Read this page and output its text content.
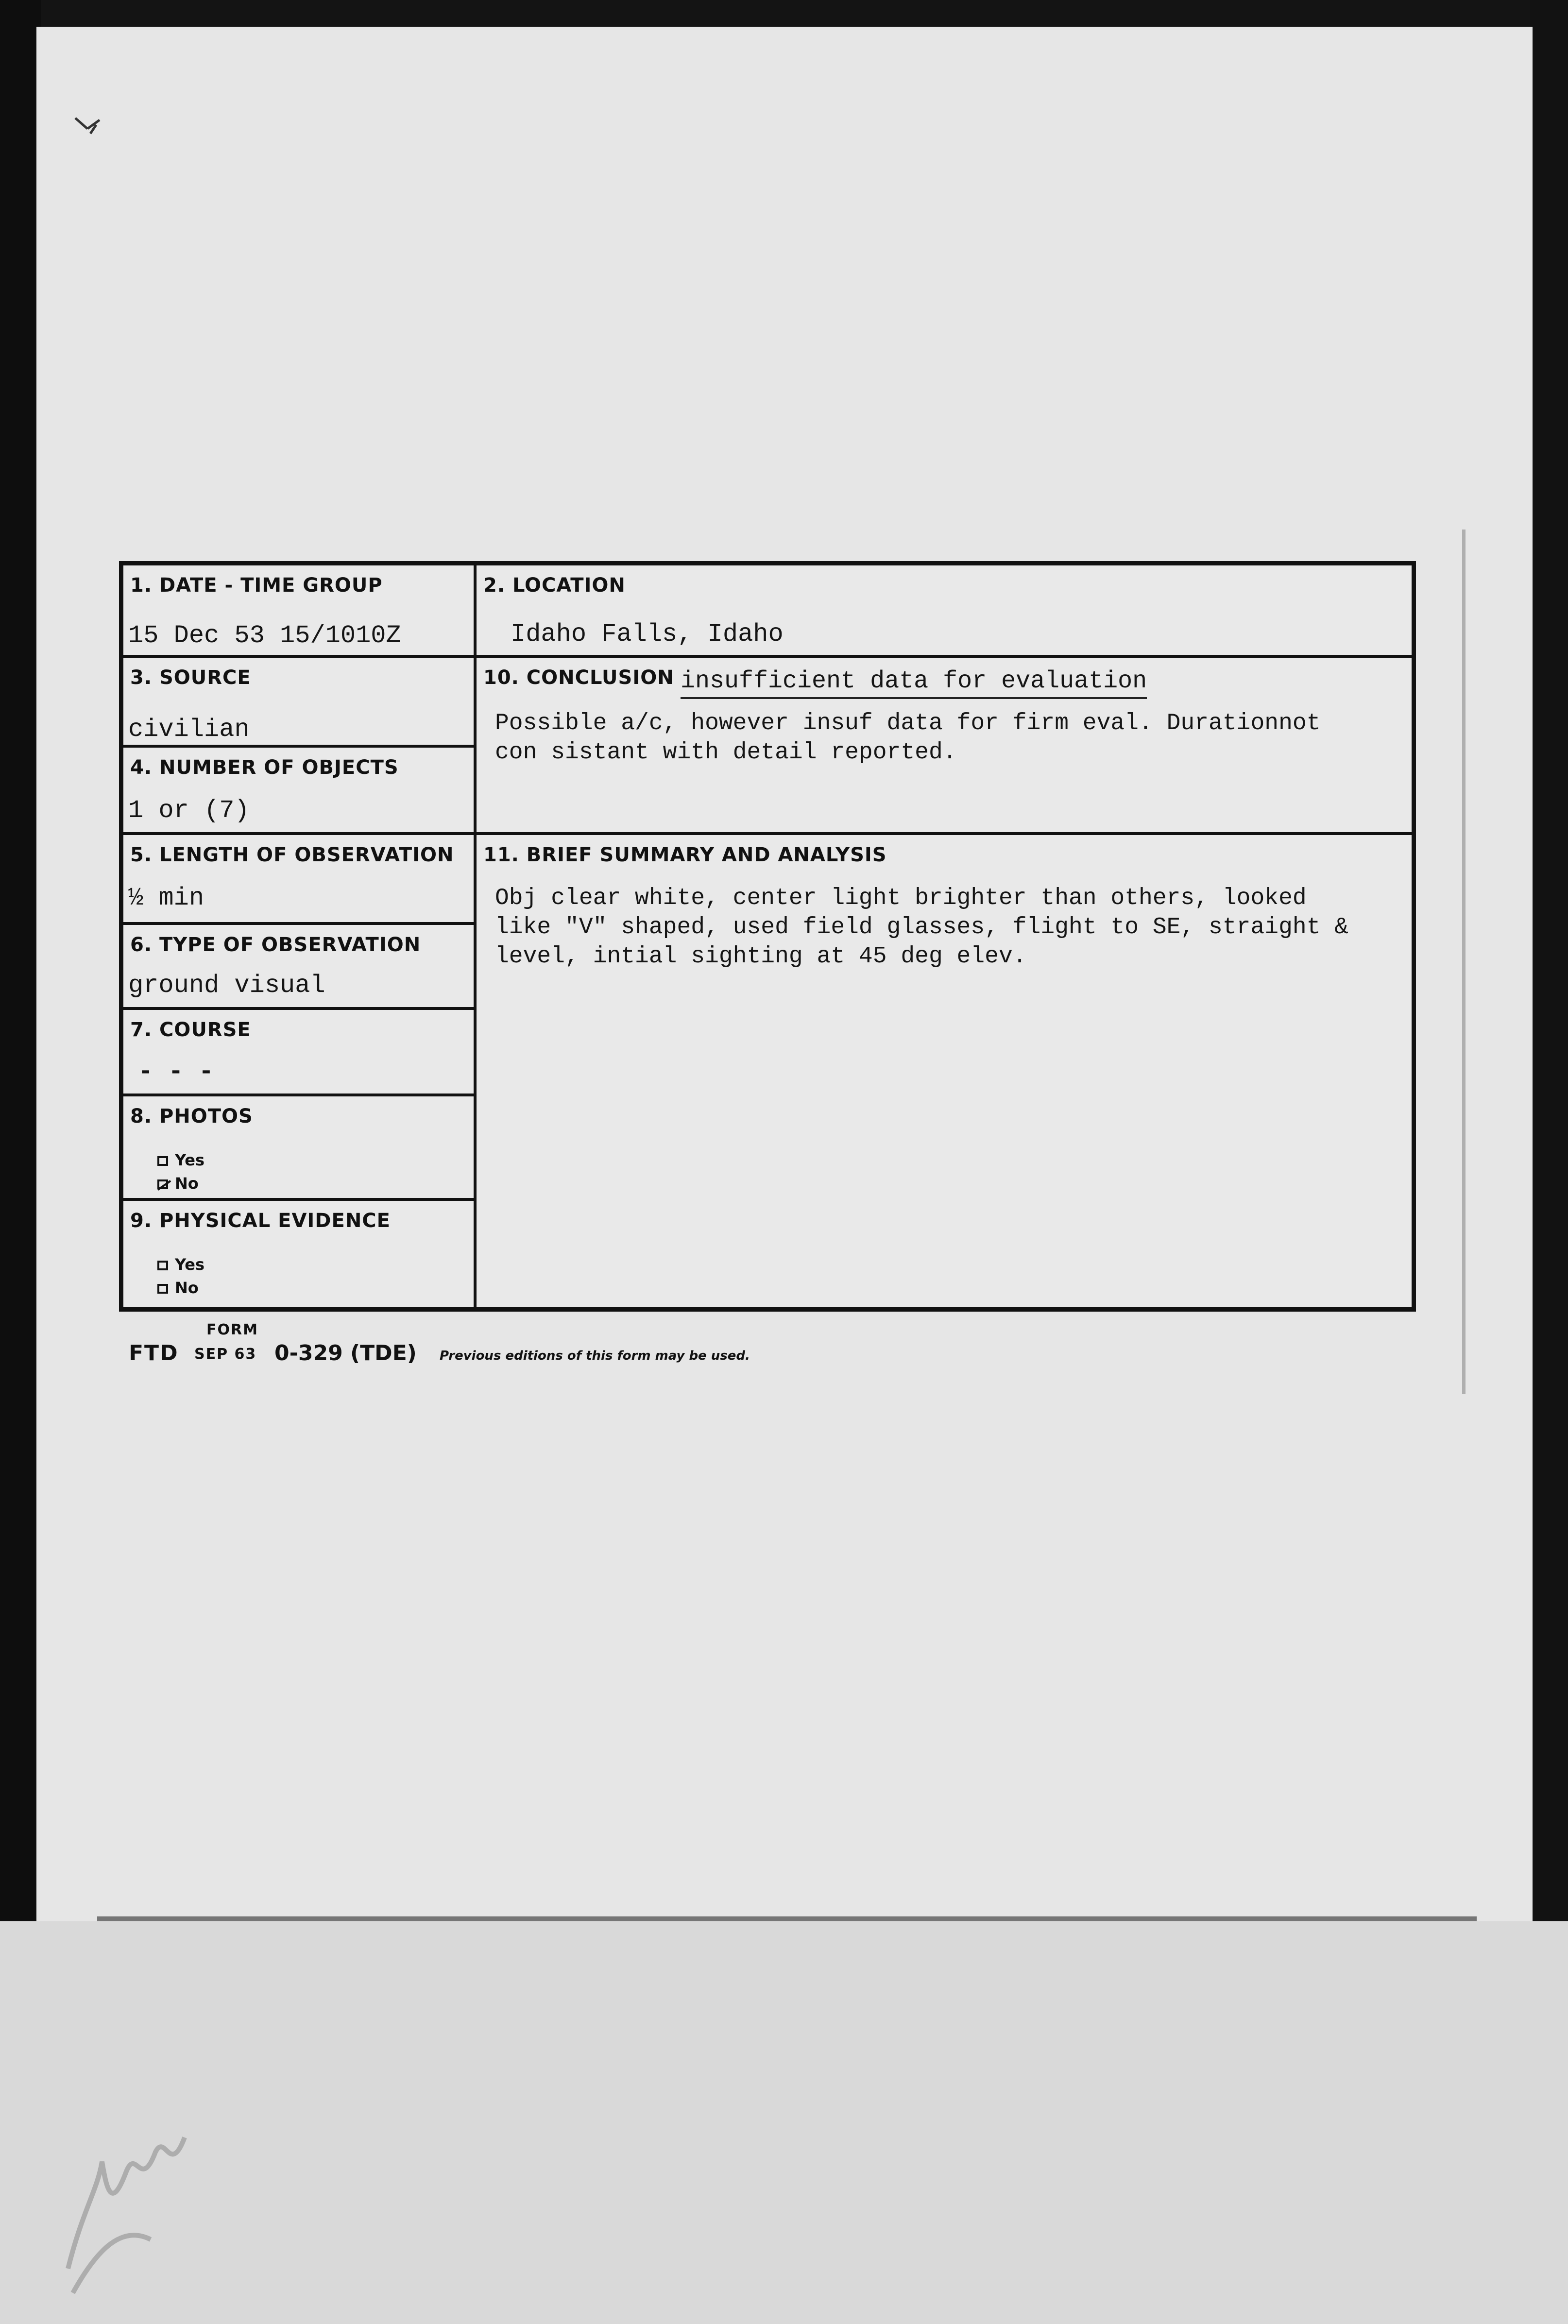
1. DATE - TIME GROUP
15 Dec 53 15/1010Z
2. LOCATION
Idaho Falls, Idaho
3. SOURCE
civilian
4. NUMBER OF OBJECTS
1 or (7)
5. LENGTH OF OBSERVATION
½ min
6. TYPE OF OBSERVATION
ground visual
7. COURSE
- - -
8. PHOTOS
Yes
No
9. PHYSICAL EVIDENCE
Yes
No
10. CONCLUSION insufficient data for evaluation
Possible a/c, however insuf data for firm eval. Durationnot
con sistant with detail reported.
11. BRIEF SUMMARY AND ANALYSIS
Obj clear white, center light brighter than others, looked
like "V" shaped, used field glasses, flight to SE, straight &
level, intial sighting at 45 deg elev.
FORM
FTD SEP 63 0-329 (TDE) Previous editions of this form may be used.
